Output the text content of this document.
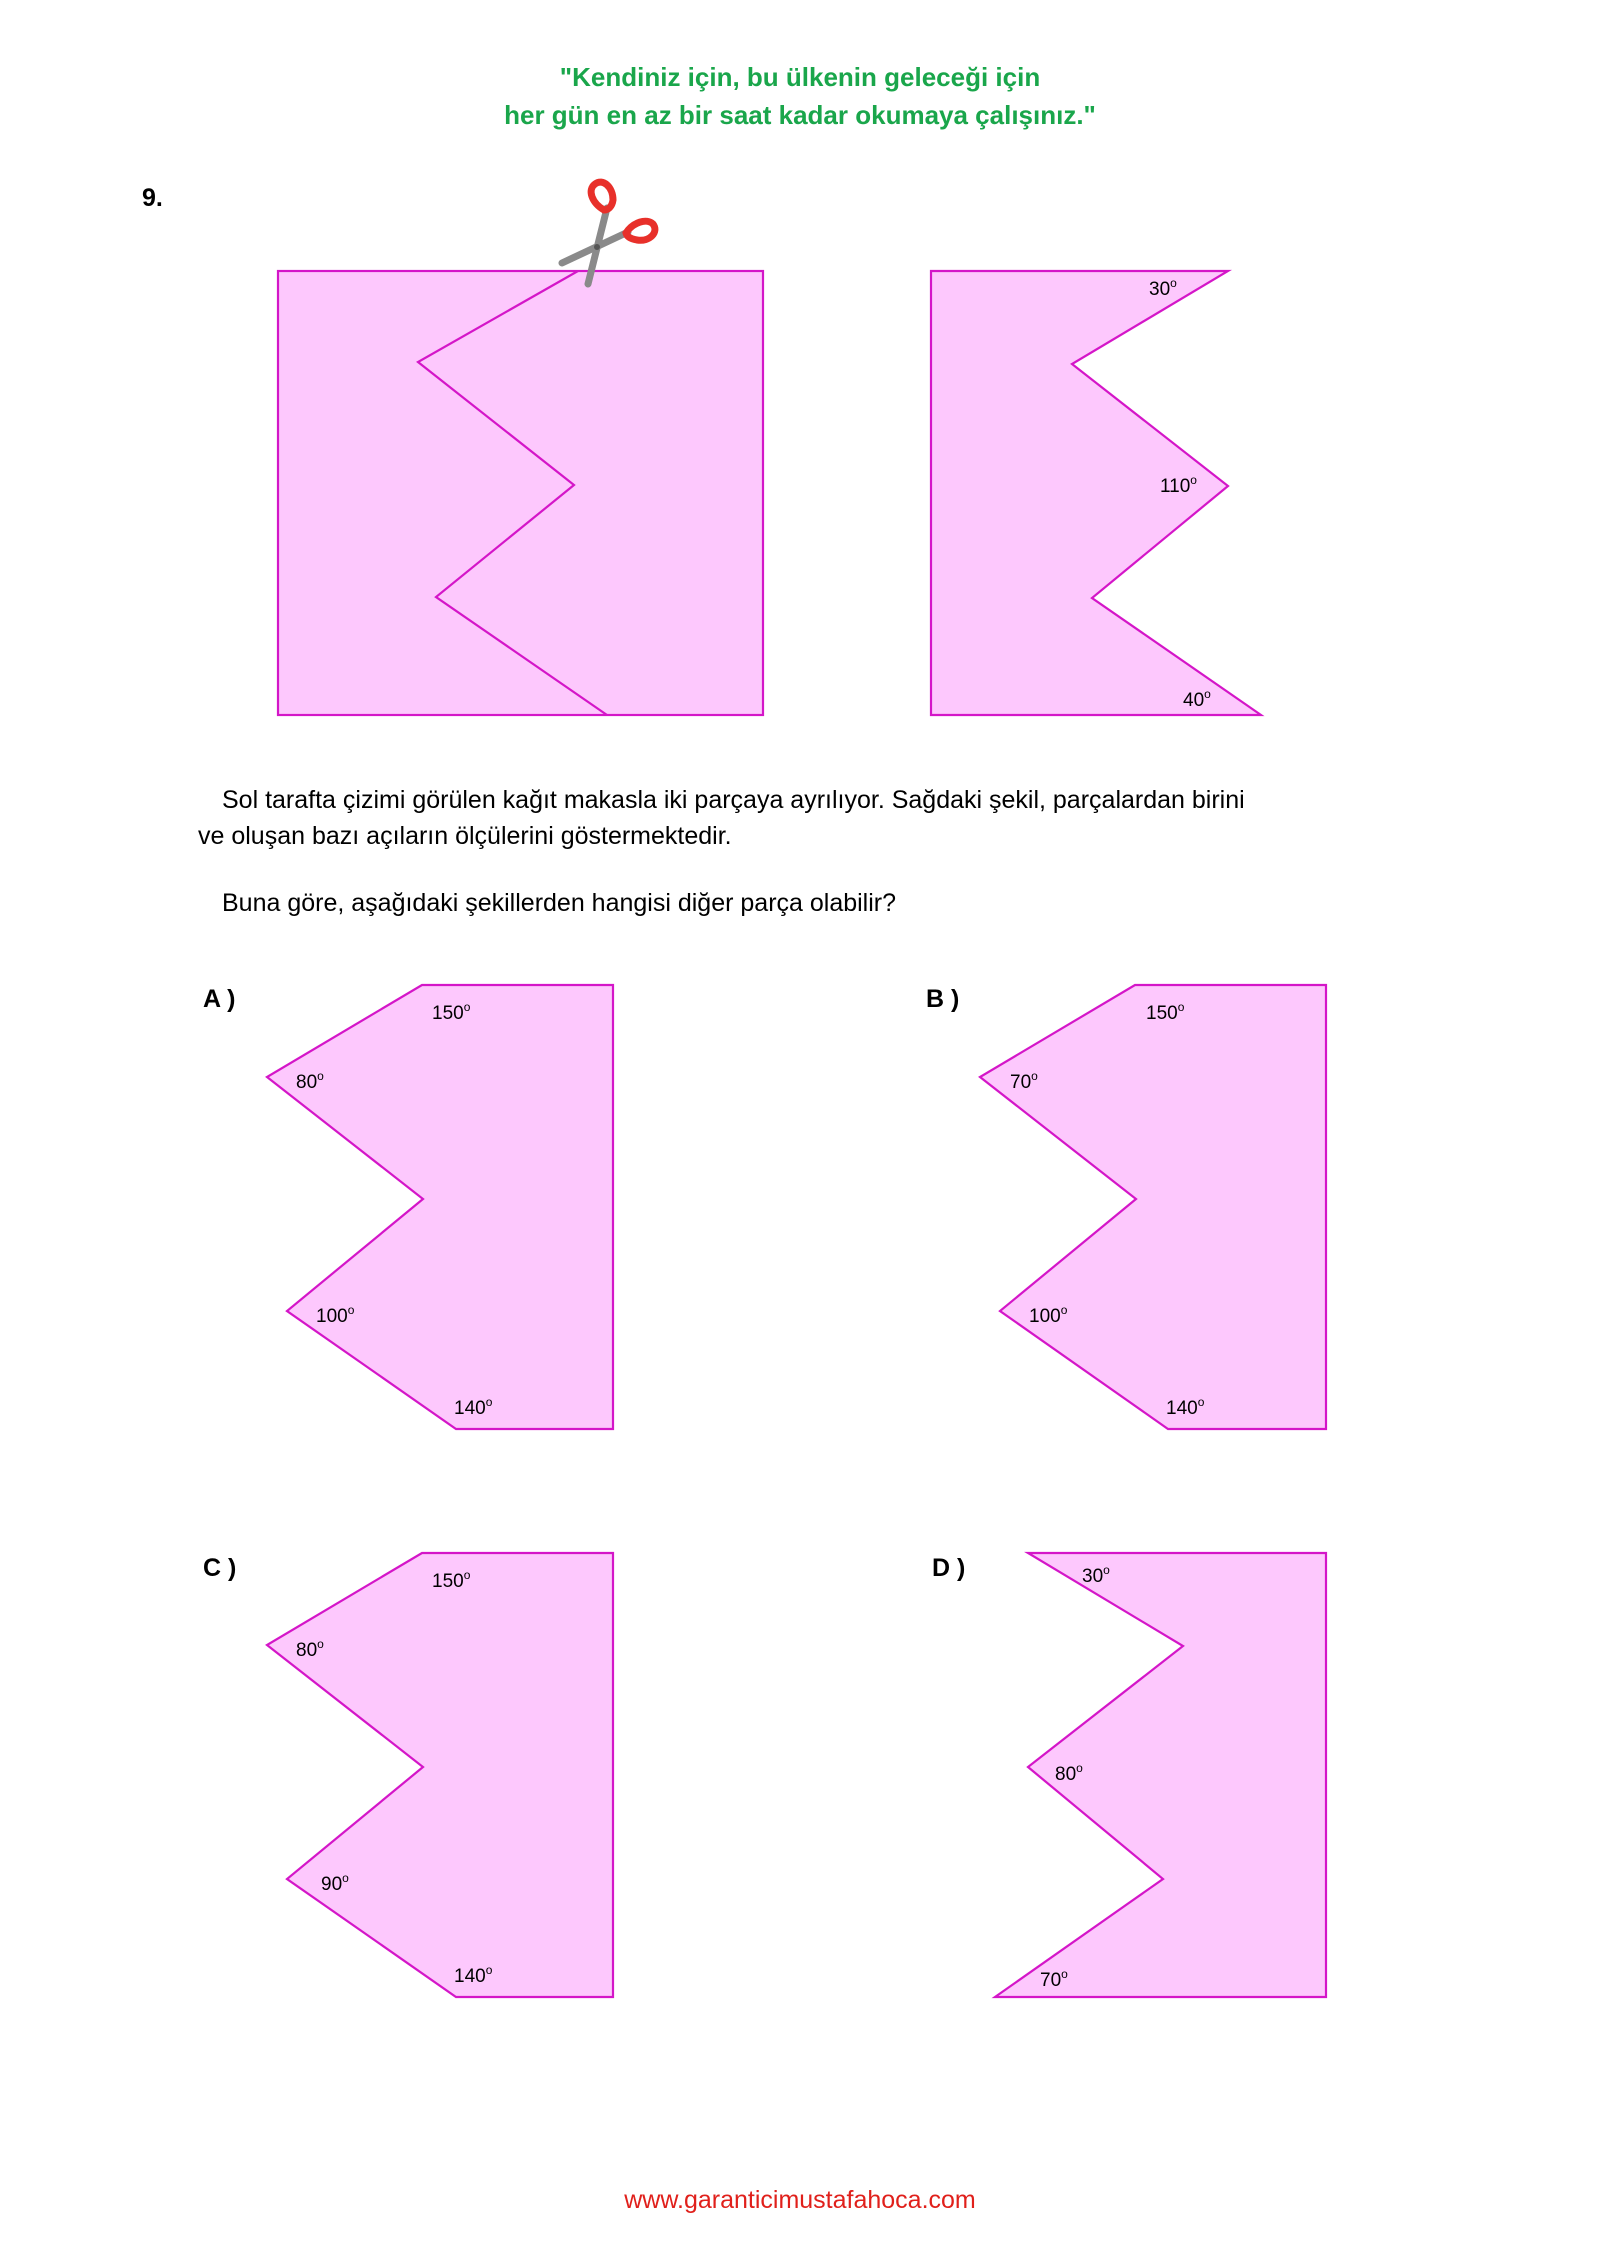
"Kendiniz için, bu ülkenin geleceği için
her gün en az bir saat kadar okumaya çalışınız."
9.
Sol tarafta çizimi görülen kağıt makasla iki parçaya ayrılıyor. Sağdaki şekil, parçalardan birini
ve oluşan bazı açıların ölçülerini göstermektedir.
Buna göre, aşağıdaki şekillerden hangisi diğer parça olabilir?
A )	B )
C )	D )
30$^o$
110$^o$
40$^o$
150$^o$
80$^o$
100$^o$
140$^o$
150$^o$
70$^o$
100$^o$
140$^o$
150$^o$
80$^o$
90$^o$
140$^o$
30$^o$
80$^o$
70$^o$
www.garanticimustafahoca.com
